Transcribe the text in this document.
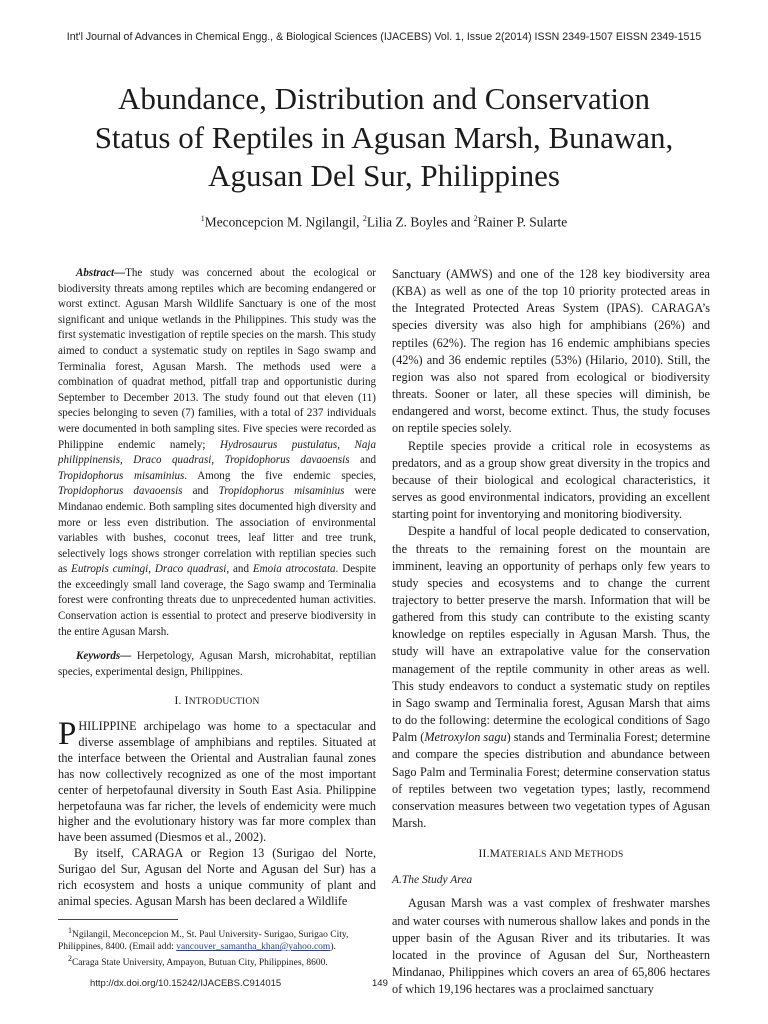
Int'l Journal of Advances in Chemical Engg., & Biological Sciences (IJACEBS) Vol. 1, Issue 2(2014) ISSN 2349-1507 EISSN 2349-1515
Abundance, Distribution and Conservation
Status of Reptiles in Agusan Marsh, Bunawan,
Agusan Del Sur, Philippines
$^1$Meconcepcion M. Ngilangil, $^2$Lilia Z. Boyles and $^2$Rainer P. Sularte

Abstract—The study was concerned about the ecological or biodiversity threats among reptiles which are becoming endangered or worst extinct. Agusan Marsh Wildlife Sanctuary is one of the most significant and unique wetlands in the Philippines. This study was the first systematic investigation of reptile species on the marsh. This study aimed to conduct a systematic study on reptiles in Sago swamp and Terminalia forest, Agusan Marsh. The methods used were a combination of quadrat method, pitfall trap and opportunistic during September to December 2013. The study found out that eleven (11) species belonging to seven (7) families, with a total of 237 individuals were documented in both sampling sites. Five species were recorded as Philippine endemic namely; Hydrosaurus pustulatus, Naja philippinensis, Draco quadrasi, Tropidophorus davaoensis and Tropidophorus misaminius. Among the five endemic species, Tropidophorus davaoensis and Tropidophorus misaminius were Mindanao endemic. Both sampling sites documented high diversity and more or less even distribution. The association of environmental variables with bushes, coconut trees, leaf litter and tree trunk, selectively logs shows stronger correlation with reptilian species such as Eutropis cumingi, Draco quadrasi, and Emoia atrocostata. Despite the exceedingly small land coverage, the Sago swamp and Terminalia forest were confronting threats due to unprecedented human activities. Conservation action is essential to protect and preserve biodiversity in the entire Agusan Marsh.

Keywords— Herpetology, Agusan Marsh, microhabitat, reptilian species, experimental design, Philippines.

I. INTRODUCTION

PHILIPPINE archipelago was home to a spectacular and diverse assemblage of amphibians and reptiles. Situated at the interface between the Oriental and Australian faunal zones has now collectively recognized as one of the most important center of herpetofaunal diversity in South East Asia. Philippine herpetofauna was far richer, the levels of endemicity were much higher and the evolutionary history was far more complex than have been assumed (Diesmos et al., 2002).

By itself, CARAGA or Region 13 (Surigao del Norte, Surigao del Sur, Agusan del Norte and Agusan del Sur) has a rich ecosystem and hosts a unique community of plant and animal species. Agusan Marsh has been declared a Wildlife

$^1$Ngilangil, Meconcepcion M., St. Paul University- Surigao, Surigao City, Philippines, 8400. (Email add: vancouver_samantha_khan@yahoo.com).

$^2$Caraga State University, Ampayon, Butuan City, Philippines, 8600.

Sanctuary (AMWS) and one of the 128 key biodiversity area (KBA) as well as one of the top 10 priority protected areas in the Integrated Protected Areas System (IPAS). CARAGA’s species diversity was also high for amphibians (26%) and reptiles (62%). The region has 16 endemic amphibians species (42%) and 36 endemic reptiles (53%) (Hilario, 2010). Still, the region was also not spared from ecological or biodiversity threats. Sooner or later, all these species will diminish, be endangered and worst, become extinct. Thus, the study focuses on reptile species solely.

Reptile species provide a critical role in ecosystems as predators, and as a group show great diversity in the tropics and because of their biological and ecological characteristics, it serves as good environmental indicators, providing an excellent starting point for inventorying and monitoring biodiversity.

Despite a handful of local people dedicated to conservation, the threats to the remaining forest on the mountain are imminent, leaving an opportunity of perhaps only few years to study species and ecosystems and to change the current trajectory to better preserve the marsh. Information that will be gathered from this study can contribute to the existing scanty knowledge on reptiles especially in Agusan Marsh. Thus, the study will have an extrapolative value for the conservation management of the reptile community in other areas as well. This study endeavors to conduct a systematic study on reptiles in Sago swamp and Terminalia forest, Agusan Marsh that aims to do the following: determine the ecological conditions of Sago Palm (Metroxylon sagu) stands and Terminalia Forest; determine and compare the species distribution and abundance between Sago Palm and Terminalia Forest; determine conservation status of reptiles between two vegetation types; lastly, recommend conservation measures between two vegetation types of Agusan Marsh.

II.MATERIALS AND METHODS

A.The Study Area

Agusan Marsh was a vast complex of freshwater marshes and water courses with numerous shallow lakes and ponds in the upper basin of the Agusan River and its tributaries. It was located in the province of Agusan del Sur, Northeastern Mindanao, Philippines which covers an area of 65,806 hectares of which 19,196 hectares was a proclaimed sanctuary

http://dx.doi.org/10.15242/IJACEBS.C914015	149
